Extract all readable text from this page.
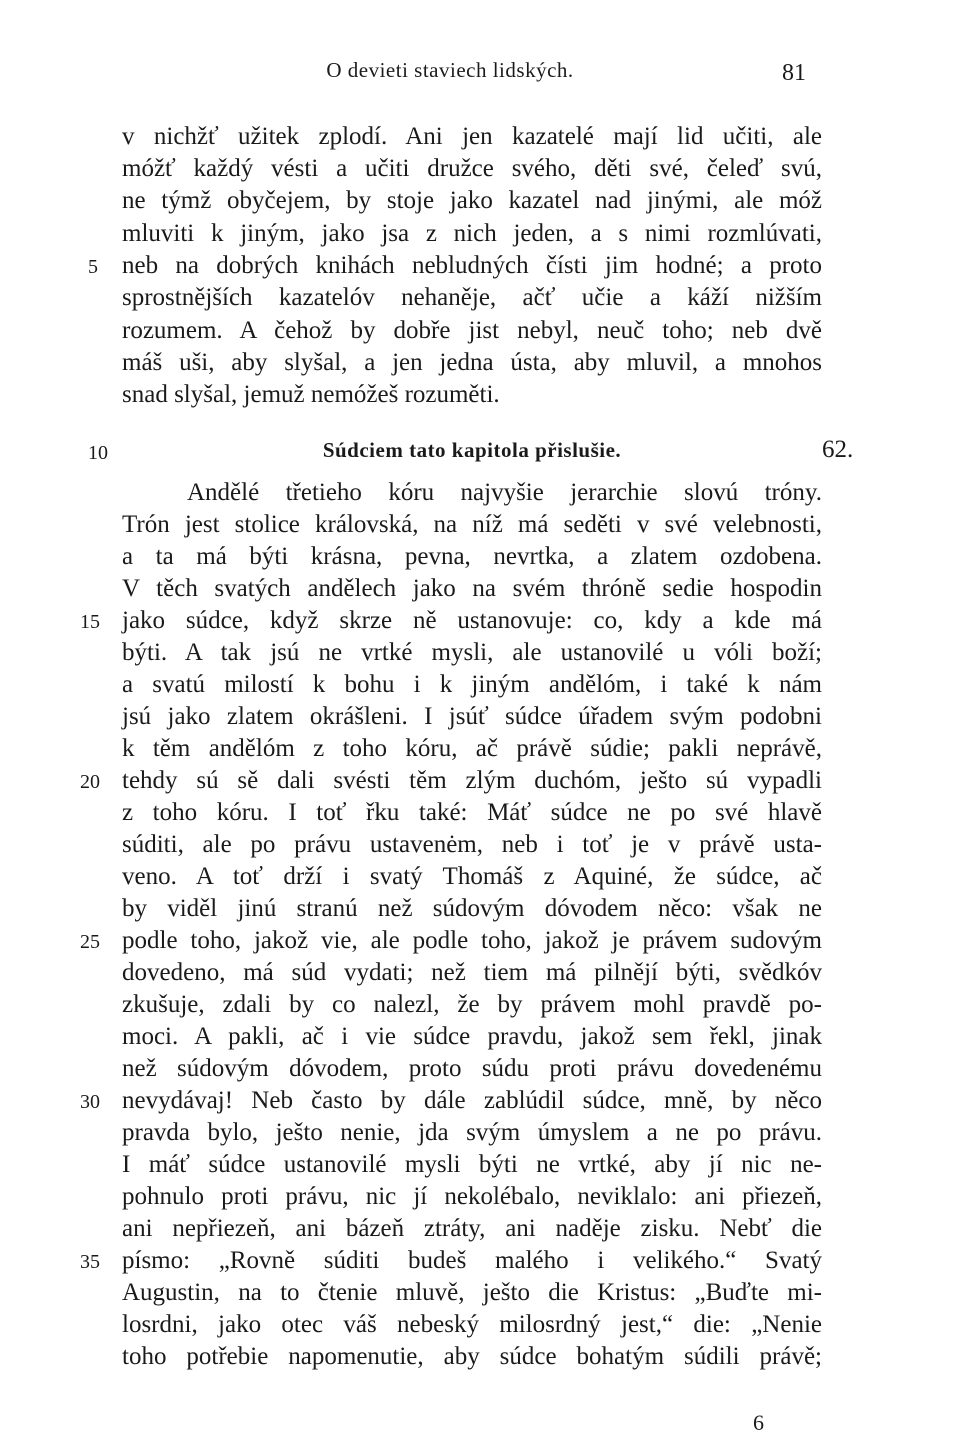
O devieti staviech lidských.	81
v nichžť užitek zplodí. Ani jen kazatelé mají lid učiti, ale
móžť každý vésti a učiti družce svého, děti své, čeleď svú,
ne týmž obyčejem, by stoje jako kazatel nad jinými, ale móž
mluviti k jiným, jako jsa z nich jeden, a s nimi rozmlúvati,
neb na dobrých knihách nebludných čísti jim hodné; a proto
sprostnějších kazatelóv nehaněje, ačť učie a káží nižším
rozumem. A čehož by dobře jist nebyl, neuč toho; neb dvě
máš uši, aby slyšal, a jen jedna ústa, aby mluvil, a mnohos
snad slyšal, jemuž nemóžeš rozuměti.
Súdciem tato kapitola přislušie.	62.
Andělé třetieho kóru najvyšie jerarchie slovú tróny.
Trón jest stolice královská, na níž má seděti v své velebnosti,
a ta má býti krásna, pevna, nevrtka, a zlatem ozdobena.
V těch svatých andělech jako na svém thróně sedie hospodin
jako súdce, když skrze ně ustanovuje: co, kdy a kde má
býti. A tak jsú ne vrtké mysli, ale ustanovilé u vóli boží;
a svatú milostí k bohu i k jiným andělóm, i také k nám
jsú jako zlatem okrášleni. I jsúť súdce úřadem svým podobni
k těm andělóm z toho kóru, ač právě súdie; pakli neprávě,
tehdy sú sě dali svésti těm zlým duchóm, ješto sú vypadli
z toho kóru. I toť řku také: Máť súdce ne po své hlavě
súditi, ale po právu ustavenėm, neb i toť je v právě usta-
veno. A toť drží i svatý Thomáš z Aquiné, že súdce, ač
by viděl jinú stranú než súdovým dóvodem něco: však ne
podle toho, jakož vie, ale podle toho, jakož je právem sudovým
dovedeno, má súd vydati; než tiem má pilnějí býti, svědkóv
zkušuje, zdali by co nalezl, že by právem mohl pravdě po-
moci. A pakli, ač i vie súdce pravdu, jakož sem řekl, jinak
než súdovým dóvodem, proto súdu proti právu dovedenému
nevydávaj! Neb často by dále zablúdil súdce, mně, by něco
pravda bylo, ješto nenie, jda svým úmyslem a ne po právu.
I máť súdce ustanovilé mysli býti ne vrtké, aby jí nic ne-
pohnulo proti právu, nic jí nekolébalo, neviklalo: ani přiezeň,
ani nepřiezeň, ani bázeň ztráty, ani naděje zisku. Nebť die
písmo: „Rovně súditi budeš malého i velikého.“ Svatý
Augustin, na to čtenie mluvě, ješto die Kristus: „Buďte mi-
losrdni, jako otec váš nebeský milosrdný jest,“ die: „Nenie
toho potřebie napomenutie, aby súdce bohatým súdili právě;
5
10
15
20
25
30
35
6
